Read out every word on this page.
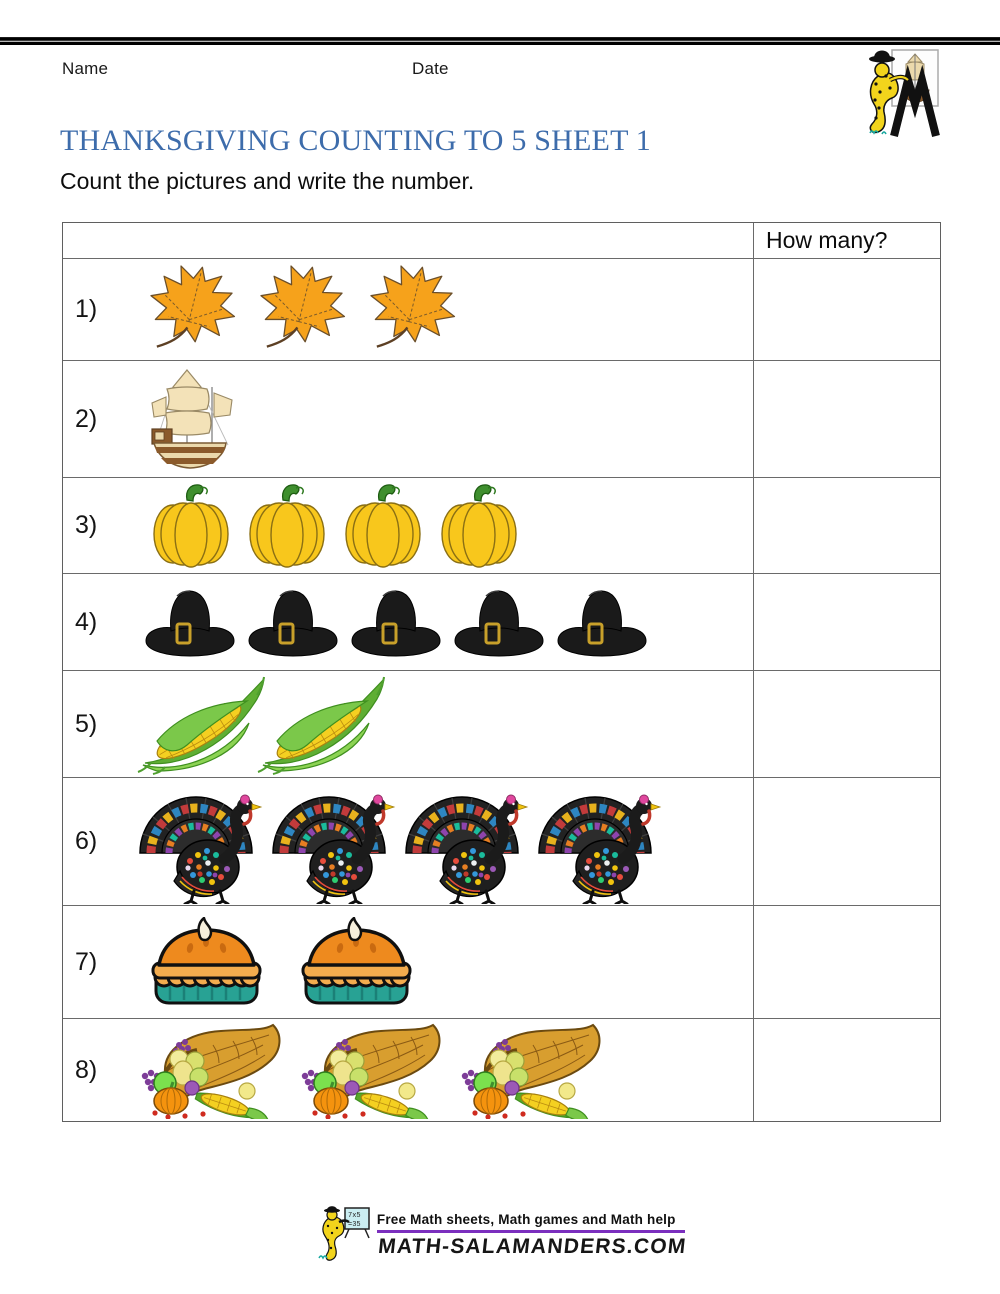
Name	Date
THANKSGIVING COUNTING TO 5 SHEET 1
Count the pictures and write the number.
How many?
1)
2)
3)
4)
5)
6)
7)
8)
7x5
=35 Free Math sheets, Math games and Math help
MATH-SALAMANDERS.COM
